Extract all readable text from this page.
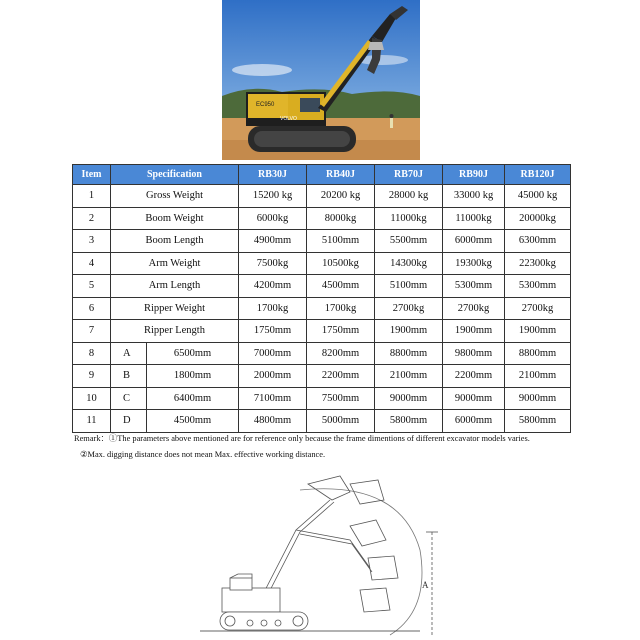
EC950
VOLVO
Item	Specification		RB30J	RB40J	RB70J	RB90J	RB120J
1	Gross Weight		15200 kg	20200 kg	28000 kg	33000 kg	45000 kg
2	Boom Weight		6000kg	8000kg	11000kg	11000kg	20000kg
3	Boom Length		4900mm	5100mm	5500mm	6000mm	6300mm
4	Arm Weight		7500kg	10500kg	14300kg	19300kg	22300kg
5	Arm Length		4200mm	4500mm	5100mm	5300mm	5300mm
6	Ripper Weight		1700kg	1700kg	2700kg	2700kg	2700kg
7	Ripper Length		1750mm	1750mm	1900mm	1900mm	1900mm
8	A	6500mm	7000mm	8200mm	8800mm	9800mm	8800mm
9	B	1800mm	2000mm	2200mm	2100mm	2200mm	2100mm
10	C	6400mm	7100mm	7500mm	9000mm	9000mm	9000mm
11	D	4500mm	4800mm	5000mm	5800mm	6000mm	5800mm
Remark：①The parameters above mentioned are for reference only because the frame dimentions of different excavator models varies.
②Max. digging distance does not mean Max. effective working distance.
A
